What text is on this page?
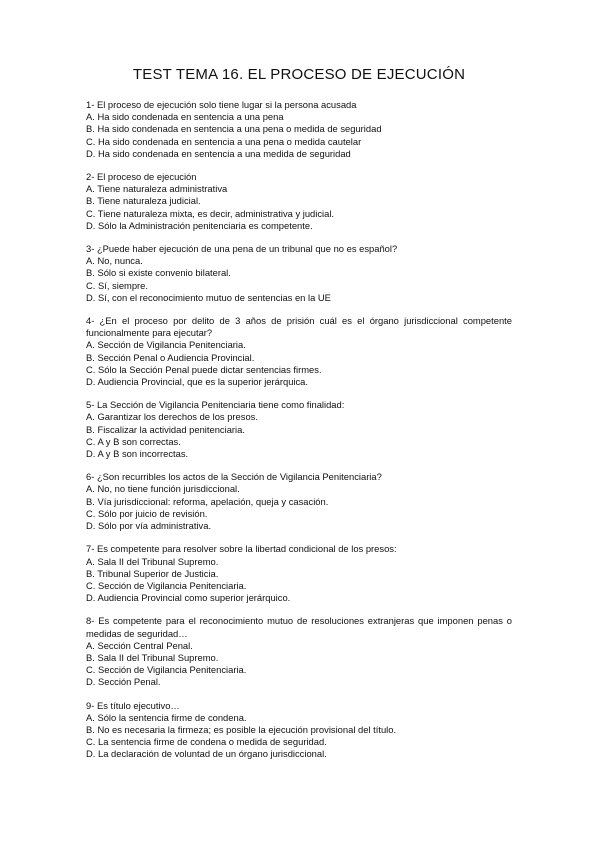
TEST TEMA 16. EL PROCESO DE EJECUCIÓN

1- El proceso de ejecución solo tiene lugar si la persona acusada

A. Ha sido condenada en sentencia a una pena
B. Ha sido condenada en sentencia a una pena o medida de seguridad
C. Ha sido condenada en sentencia a una pena o medida cautelar
D. Ha sido condenada en sentencia a una medida de seguridad

2- El proceso de ejecución

A. Tiene naturaleza administrativa
B. Tiene naturaleza judicial.
C. Tiene naturaleza mixta, es decir, administrativa y judicial.
D. Sólo la Administración penitenciaria es competente.

3- ¿Puede haber ejecución de una pena de un tribunal que no es español?

A. No, nunca.
B. Sólo si existe convenio bilateral.
C. Sí, siempre.
D. Sí, con el reconocimiento mutuo de sentencias en la UE

4- ¿En el proceso por delito de 3 años de prisión cuál es el órgano jurisdiccional competente funcionalmente para ejecutar?

A. Sección de Vigilancia Penitenciaria.
B. Sección Penal o Audiencia Provincial.
C. Sólo la Sección Penal puede dictar sentencias firmes.
D. Audiencia Provincial, que es la superior jerárquica.

5- La Sección de Vigilancia Penitenciaria tiene como finalidad:

A. Garantizar los derechos de los presos.
B. Fiscalizar la actividad penitenciaria.
C. A y B son correctas.
D. A y B son incorrectas.

6- ¿Son recurribles los actos de la Sección de Vigilancia Penitenciaria?

A. No, no tiene función jurisdiccional.
B. Vía jurisdiccional: reforma, apelación, queja y casación.
C. Sólo por juicio de revisión.
D. Sólo por vía administrativa.

7- Es competente para resolver sobre la libertad condicional de los presos:

A. Sala II del Tribunal Supremo.
B. Tribunal Superior de Justicia.
C. Sección de Vigilancia Penitenciaria.
D. Audiencia Provincial como superior jerárquico.

8- Es competente para el reconocimiento mutuo de resoluciones extranjeras que imponen penas o medidas de seguridad…

A. Sección Central Penal.
B. Sala II del Tribunal Supremo.
C. Sección de Vigilancia Penitenciaria.
D. Sección Penal.

9- Es título ejecutivo…

A. Sólo la sentencia firme de condena.
B. No es necesaria la firmeza; es posible la ejecución provisional del título.
C. La sentencia firme de condena o medida de seguridad.
D. La declaración de voluntad de un órgano jurisdiccional.
